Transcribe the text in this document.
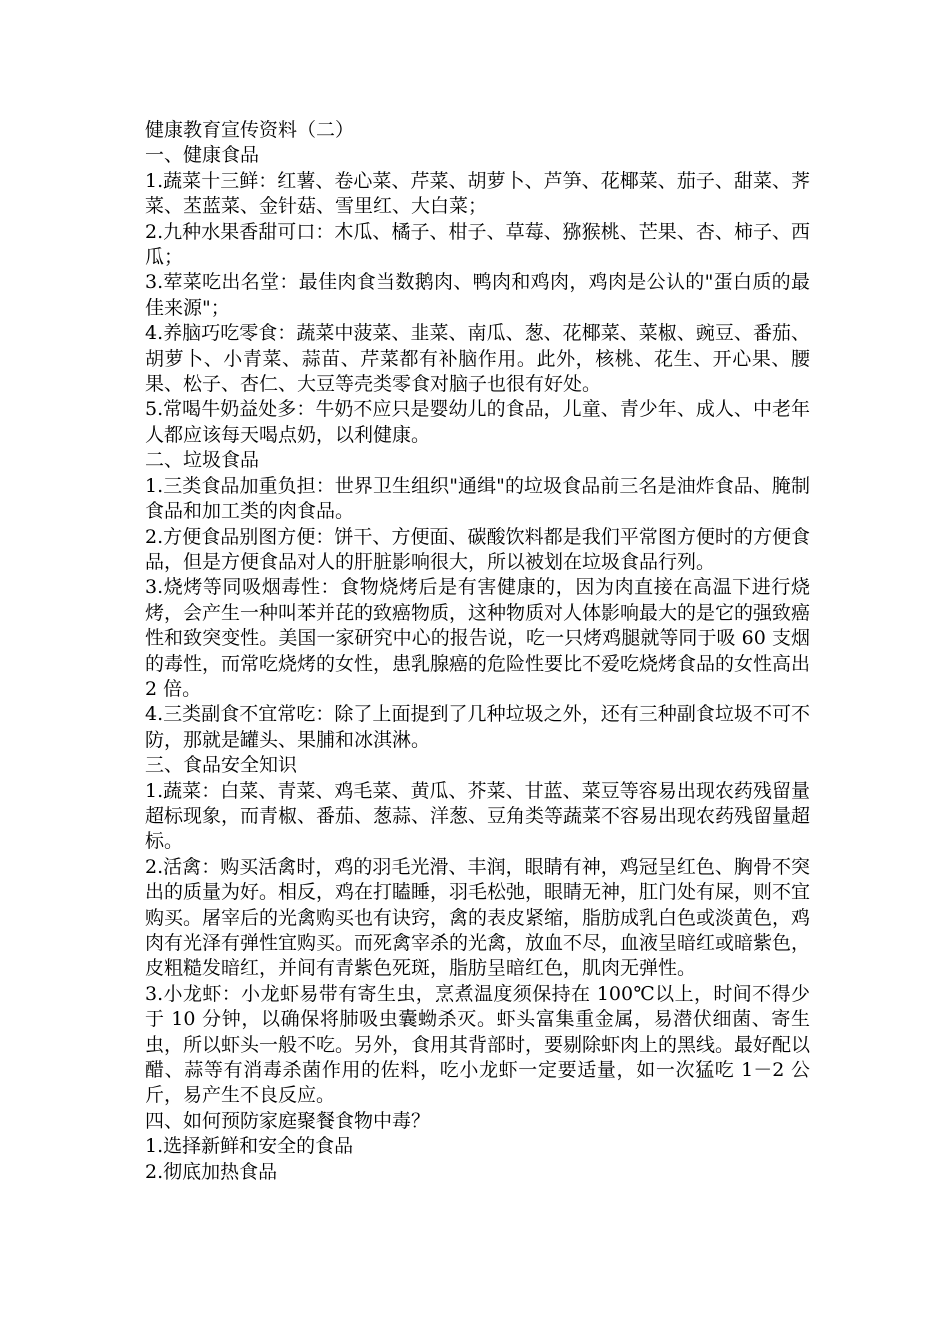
健康教育宣传资料（二）

一、健康食品

1.蔬菜十三鲜：红薯、卷心菜、芹菜、胡萝卜、芦笋、花椰菜、茄子、甜菜、荠菜、苤蓝菜、金针菇、雪里红、大白菜；

2.九种水果香甜可口：木瓜、橘子、柑子、草莓、猕猴桃、芒果、杏、柿子、西瓜；

3.荤菜吃出名堂：最佳肉食当数鹅肉、鸭肉和鸡肉，鸡肉是公认的"蛋白质的最佳来源"；

4.养脑巧吃零食：蔬菜中菠菜、韭菜、南瓜、葱、花椰菜、菜椒、豌豆、番茄、胡萝卜、小青菜、蒜苗、芹菜都有补脑作用。此外，核桃、花生、开心果、腰果、松子、杏仁、大豆等壳类零食对脑子也很有好处。

5.常喝牛奶益处多：牛奶不应只是婴幼儿的食品，儿童、青少年、成人、中老年人都应该每天喝点奶，以利健康。

二、垃圾食品

1.三类食品加重负担：世界卫生组织"通缉"的垃圾食品前三名是油炸食品、腌制食品和加工类的肉食品。

2.方便食品别图方便：饼干、方便面、碳酸饮料都是我们平常图方便时的方便食品，但是方便食品对人的肝脏影响很大，所以被划在垃圾食品行列。

3.烧烤等同吸烟毒性：食物烧烤后是有害健康的，因为肉直接在高温下进行烧烤，会产生一种叫苯并芘的致癌物质，这种物质对人体影响最大的是它的强致癌性和致突变性。美国一家研究中心的报告说，吃一只烤鸡腿就等同于吸 60 支烟的毒性，而常吃烧烤的女性，患乳腺癌的危险性要比不爱吃烧烤食品的女性高出 2 倍。

4.三类副食不宜常吃：除了上面提到了几种垃圾之外，还有三种副食垃圾不可不防，那就是罐头、果脯和冰淇淋。

三、食品安全知识

1.蔬菜：白菜、青菜、鸡毛菜、黄瓜、芥菜、甘蓝、菜豆等容易出现农药残留量超标现象，而青椒、番茄、葱蒜、洋葱、豆角类等蔬菜不容易出现农药残留量超标。

2.活禽：购买活禽时，鸡的羽毛光滑、丰润，眼睛有神，鸡冠呈红色、胸骨不突出的质量为好。相反，鸡在打瞌睡，羽毛松弛，眼睛无神，肛门处有屎，则不宜购买。屠宰后的光禽购买也有诀窍，禽的表皮紧缩，脂肪成乳白色或淡黄色，鸡肉有光泽有弹性宜购买。而死禽宰杀的光禽，放血不尽，血液呈暗红或暗紫色，皮粗糙发暗红，并间有青紫色死斑，脂肪呈暗红色，肌肉无弹性。

3.小龙虾：小龙虾易带有寄生虫，烹煮温度须保持在 100℃以上，时间不得少于 10 分钟，以确保将肺吸虫囊蚴杀灭。虾头富集重金属，易潜伏细菌、寄生虫，所以虾头一般不吃。另外，食用其背部时，要剔除虾肉上的黑线。最好配以醋、蒜等有消毒杀菌作用的佐料，吃小龙虾一定要适量，如一次猛吃 1－2 公斤，易产生不良反应。

四、如何预防家庭聚餐食物中毒？

1.选择新鲜和安全的食品

2.彻底加热食品
